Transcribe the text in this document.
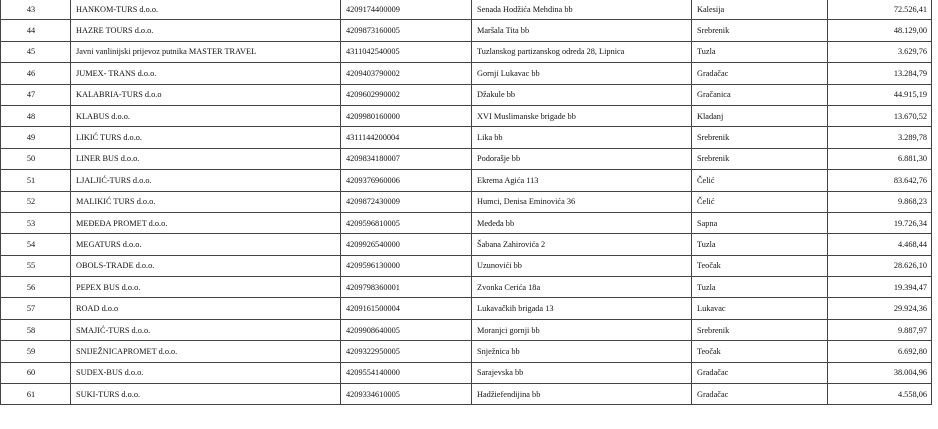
43	HANKOM-TURS d.o.o.	4209174400009	Senada Hodžića Mehdina bb	Kalesija	72.526,41
44	HAZRE TOURS d.o.o.	4209873160005	Maršala Tita bb	Srebrenik	48.129,00
45	Javni vanlinijski prijevoz putnika MASTER TRAVEL	4311042540005	Tuzlanskog partizanskog odreda 28, Lipnica	Tuzla	3.629,76
46	JUMEX- TRANS d.o.o.	4209403790002	Gornji Lukavac bb	Gradačac	13.284,79
47	KALABRIA-TURS d.o.o	4209602990002	Džakule bb	Gračanica	44.915,19
48	KLABUS d.o.o.	4209980160000	XVI Muslimanske brigade bb	Kladanj	13.670,52
49	LIKIĆ TURS d.o.o.	4311144200004	Lika bb	Srebrenik	3.289,78
50	LINER BUS d.o.o.	4209834180007	Podorašje bb	Srebrenik	6.881,30
51	LJALJIĆ-TURS d.o.o.	4209376960006	Ekrema Agića 113	Čelić	83.642,76
52	MALIKIĆ TURS d.o.o.	4209872430009	Humci, Denisa Eminovića 36	Čelić	9.868,23
53	MEĐEĐA PROMET d.o.o.	4209596810005	Međeđa bb	Sapna	19.726,34
54	MEGATURS d.o.o.	4209926540000	Šabana Zahirovića 2	Tuzla	4.468,44
55	OBOLS-TRADE d.o.o.	4209596130000	Uzunovići bb	Teočak	28.626,10
56	PEPEX BUS d.o.o.	4209798360001	Zvonka Cerića 18a	Tuzla	19.394,47
57	ROAD d.o.o	4209161500004	Lukavačkih brigada 13	Lukavac	29.924,36
58	SMAJIĆ-TURS d.o.o.	4209908640005	Moranjci gornji bb	Srebrenik	9.887,97
59	SNIJEŽNICAPROMET d.o.o.	4209322950005	Snježnica bb	Teočak	6.692,80
60	SUDEX-BUS d.o.o.	4209554140000	Sarajevska bb	Gradačac	38.004,96
61	SUKI-TURS d.o.o.	4209334610005	Hadžiefendijina bb	Gradačac	4.558,06
